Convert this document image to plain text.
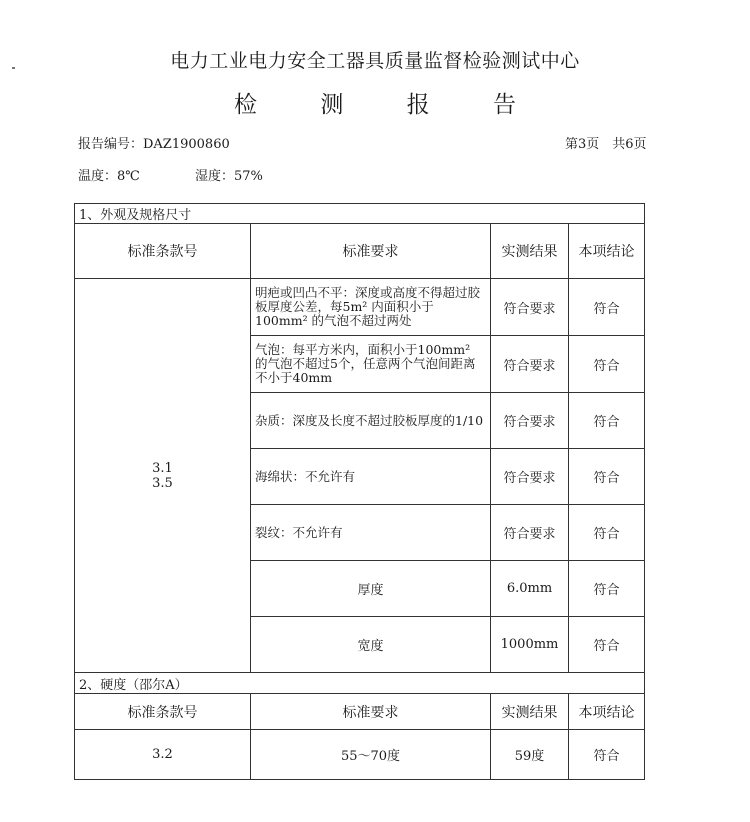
电力工业电力安全工器具质量监督检验测试中心
检	测	报	告
报告编号：DAZ1900860	第3页　共6页
温度：8℃	湿度：57%
1、外观及规格尺寸			
标准条款号	标准要求	实测结果	本项结论

3.1
3.5	明疤或凹凸不平：深度或高度不得超过胶板厚度公差，每5m² 内面积小于100mm² 的气泡不超过两处	符合要求	符合
	气泡：每平方米内，面积小于100mm² 的气泡不超过5个，任意两个气泡间距离不小于40mm	符合要求	符合
	杂质：深度及长度不超过胶板厚度的1/10	符合要求	符合
	海绵状：不允许有	符合要求	符合
	裂纹：不允许有	符合要求	符合
	厚度	6.0mm	符合
	宽度	1000mm	符合
2、硬度（邵尔A）			
标准条款号	标准要求	实测结果	本项结论
3.2	55～70度	59度	符合
